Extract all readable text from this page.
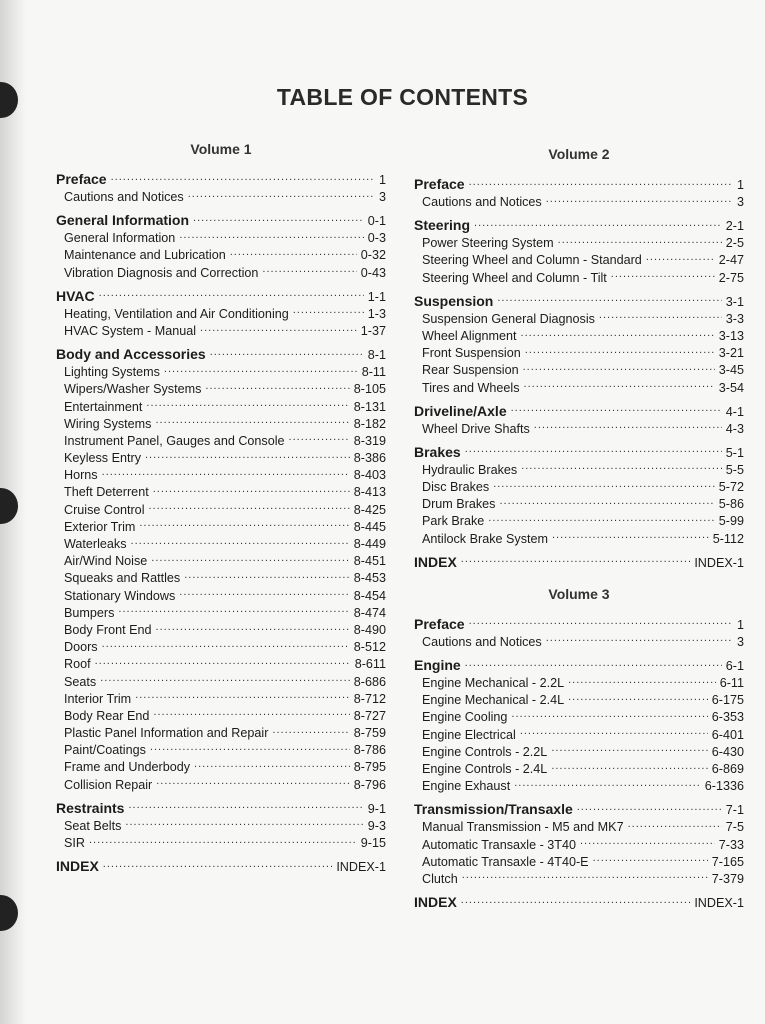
TABLE OF CONTENTS
Volume 1
Preface .....	1
Cautions and Notices .....	3
General Information .....	0-1
General Information .....	0-3
Maintenance and Lubrication .....	0-32
Vibration Diagnosis and Correction .....	0-43
HVAC .....	1-1
Heating, Ventilation and Air Conditioning .....	1-3
HVAC System - Manual .....	1-37
Body and Accessories .....	8-1
Lighting Systems .....	8-11
Wipers/Washer Systems .....	8-105
Entertainment .....	8-131
Wiring Systems .....	8-182
Instrument Panel, Gauges and Console .....	8-319
Keyless Entry .....	8-386
Horns .....	8-403
Theft Deterrent .....	8-413
Cruise Control .....	8-425
Exterior Trim .....	8-445
Waterleaks .....	8-449
Air/Wind Noise .....	8-451
Squeaks and Rattles .....	8-453
Stationary Windows .....	8-454
Bumpers .....	8-474
Body Front End .....	8-490
Doors .....	8-512
Roof .....	8-611
Seats .....	8-686
Interior Trim .....	8-712
Body Rear End .....	8-727
Plastic Panel Information and Repair .....	8-759
Paint/Coatings .....	8-786
Frame and Underbody .....	8-795
Collision Repair .....	8-796
Restraints .....	9-1
Seat Belts .....	9-3
SIR .....	9-15
INDEX .....	INDEX-1
Volume 2
Preface .....	1
Cautions and Notices .....	3
Steering .....	2-1
Power Steering System .....	2-5
Steering Wheel and Column - Standard .....	2-47
Steering Wheel and Column - Tilt .....	2-75
Suspension .....	3-1
Suspension General Diagnosis .....	3-3
Wheel Alignment .....	3-13
Front Suspension .....	3-21
Rear Suspension .....	3-45
Tires and Wheels .....	3-54
Driveline/Axle .....	4-1
Wheel Drive Shafts .....	4-3
Brakes .....	5-1
Hydraulic Brakes .....	5-5
Disc Brakes .....	5-72
Drum Brakes .....	5-86
Park Brake .....	5-99
Antilock Brake System .....	5-112
INDEX .....	INDEX-1
Volume 3
Preface .....	1
Cautions and Notices .....	3
Engine .....	6-1
Engine Mechanical - 2.2L .....	6-11
Engine Mechanical - 2.4L .....	6-175
Engine Cooling .....	6-353
Engine Electrical .....	6-401
Engine Controls - 2.2L .....	6-430
Engine Controls - 2.4L .....	6-869
Engine Exhaust .....	6-1336
Transmission/Transaxle .....	7-1
Manual Transmission - M5 and MK7 .....	7-5
Automatic Transaxle - 3T40 .....	7-33
Automatic Transaxle - 4T40-E .....	7-165
Clutch .....	7-379
INDEX .....	INDEX-1
